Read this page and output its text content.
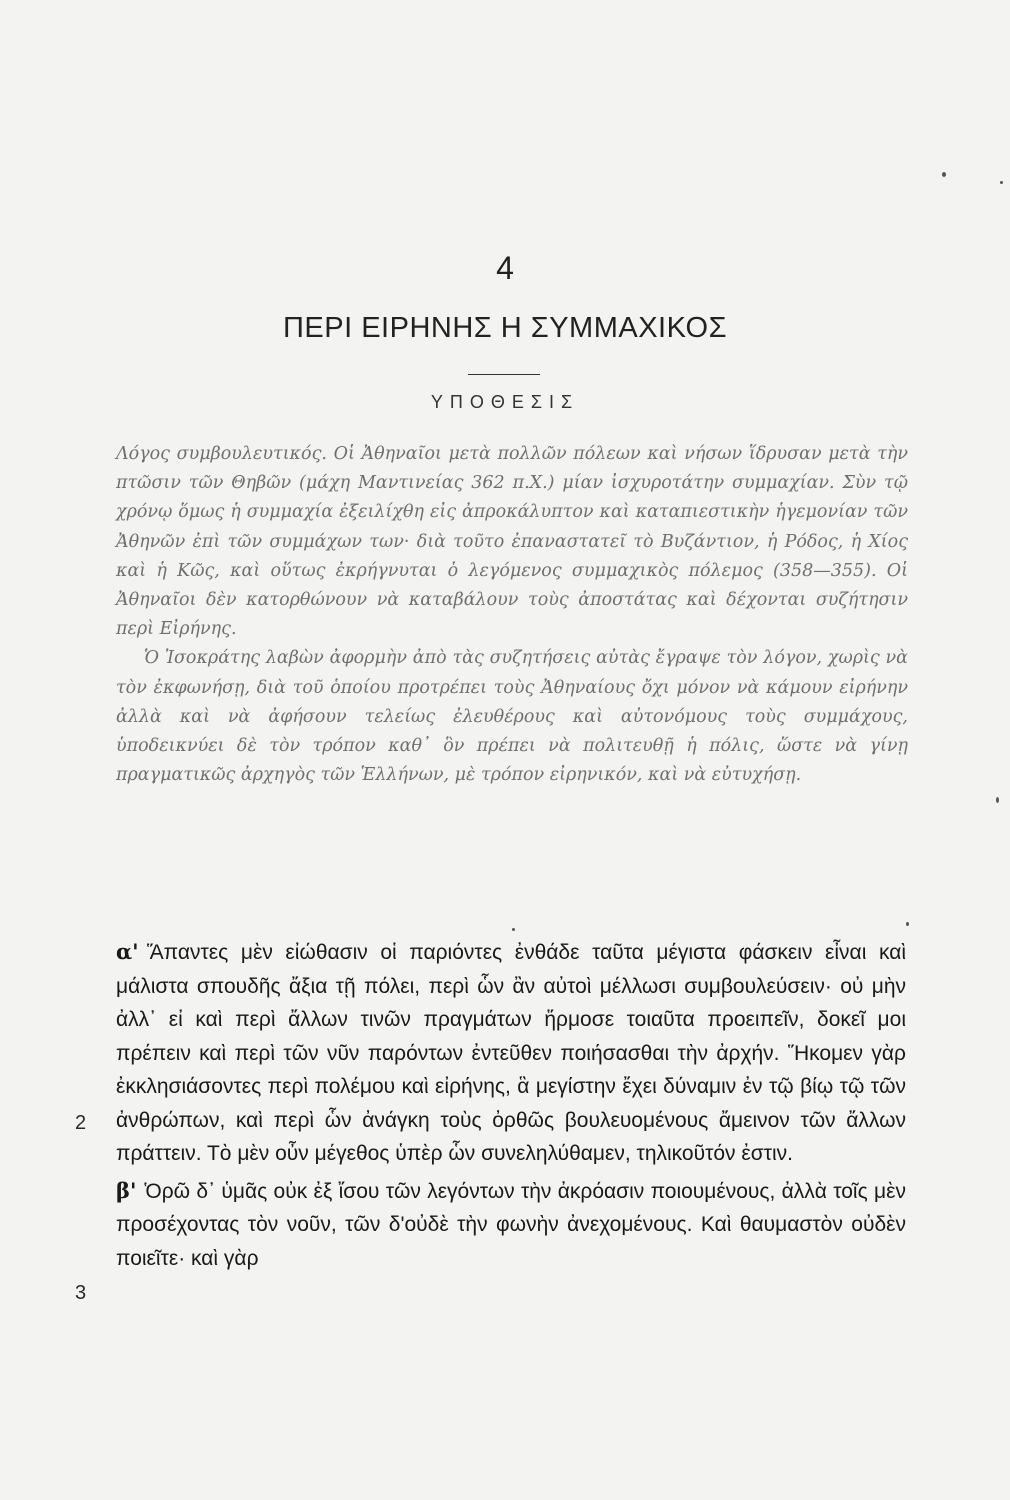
4
ΠΕΡΙ ΕΙΡΗΝΗΣ Η ΣΥΜΜΑΧΙΚΟΣ
ΥΠΟΘΕΣΙΣ

Λόγος συμβουλευτικός. Οἱ Ἀθηναῖοι μετὰ πολλῶν πόλεων καὶ νήσων ἵδρυσαν μετὰ τὴν πτῶσιν τῶν Θηβῶν (μάχη Μαντινείας 362 π.Χ.) μίαν ἰσχυροτάτην συμμαχίαν. Σὺν τῷ χρόνῳ ὅμως ἡ συμμαχία ἐξειλίχθη εἰς ἀπροκάλυπτον καὶ καταπιεστικὴν ἡγεμονίαν τῶν Ἀθηνῶν ἐπὶ τῶν συμμάχων των· διὰ τοῦτο ἐπαναστατεῖ τὸ Βυζάντιον, ἡ Ρόδος, ἡ Χίος καὶ ἡ Κῶς, καὶ οὕτως ἐκρήγνυται ὁ λεγόμενος συμμαχικὸς πόλεμος (358—355). Οἱ Ἀθηναῖοι δὲν κατορθώνουν νὰ καταβάλουν τοὺς ἀποστάτας καὶ δέχονται συζήτησιν περὶ Εἰρήνης.

Ὁ Ἰσοκράτης λαβὼν ἀφορμὴν ἀπὸ τὰς συζητήσεις αὐτὰς ἔγραψε τὸν λόγον, χωρὶς νὰ τὸν ἐκφωνήσῃ, διὰ τοῦ ὁποίου προτρέπει τοὺς Ἀθηναίους ὄχι μόνον νὰ κάμουν εἰρήνην ἀλλὰ καὶ νὰ ἀφήσουν τελείως ἐλευθέρους καὶ αὐτονόμους τοὺς συμμάχους, ὑποδεικνύει δὲ τὸν τρόπον καθ᾿ ὃν πρέπει νὰ πολιτευθῇ ἡ πόλις, ὥστε νὰ γίνῃ πραγματικῶς ἀρχηγὸς τῶν Ἑλλήνων, μὲ τρόπον εἰρηνικόν, καὶ νὰ εὐτυχήσῃ.

α' Ἅπαντες μὲν εἰώθασιν οἱ παριόντες ἐνθάδε ταῦτα μέγιστα φάσκειν εἶναι καὶ μάλιστα σπουδῆς ἄξια τῇ πόλει, περὶ ὧν ἂν αὐτοὶ μέλλωσι συμβουλεύσειν· οὐ μὴν ἀλλ᾿ εἰ καὶ περὶ ἄλλων τινῶν πραγμάτων ἥρμοσε τοιαῦτα προειπεῖν, δοκεῖ μοι πρέπειν καὶ περὶ τῶν νῦν παρόντων ἐντεῦθεν ποιήσασθαι τὴν ἀρχήν. Ἥκομεν γὰρ ἐκκλησιάσοντες περὶ πολέμου καὶ εἰρήνης, ἃ μεγίστην ἔχει δύναμιν ἐν τῷ βίῳ τῷ τῶν ἀνθρώπων, καὶ περὶ ὧν ἀνάγκη τοὺς ὀρθῶς βουλευομένους ἄμεινον τῶν ἄλλων πράττειν. Τὸ μὲν οὖν μέγεθος ὑπὲρ ὧν συνεληλύθαμεν, τηλικοῦτόν ἐστιν.

β' Ὁρῶ δ᾿ ὑμᾶς οὐκ ἐξ ἴσου τῶν λεγόντων τὴν ἀκρόασιν ποιουμένους, ἀλλὰ τοῖς μὲν προσέχοντας τὸν νοῦν, τῶν δ'οὐδὲ τὴν φωνὴν ἀνεχομένους. Καὶ θαυμαστὸν οὐδὲν ποιεῖτε· καὶ γὰρ

2
3
